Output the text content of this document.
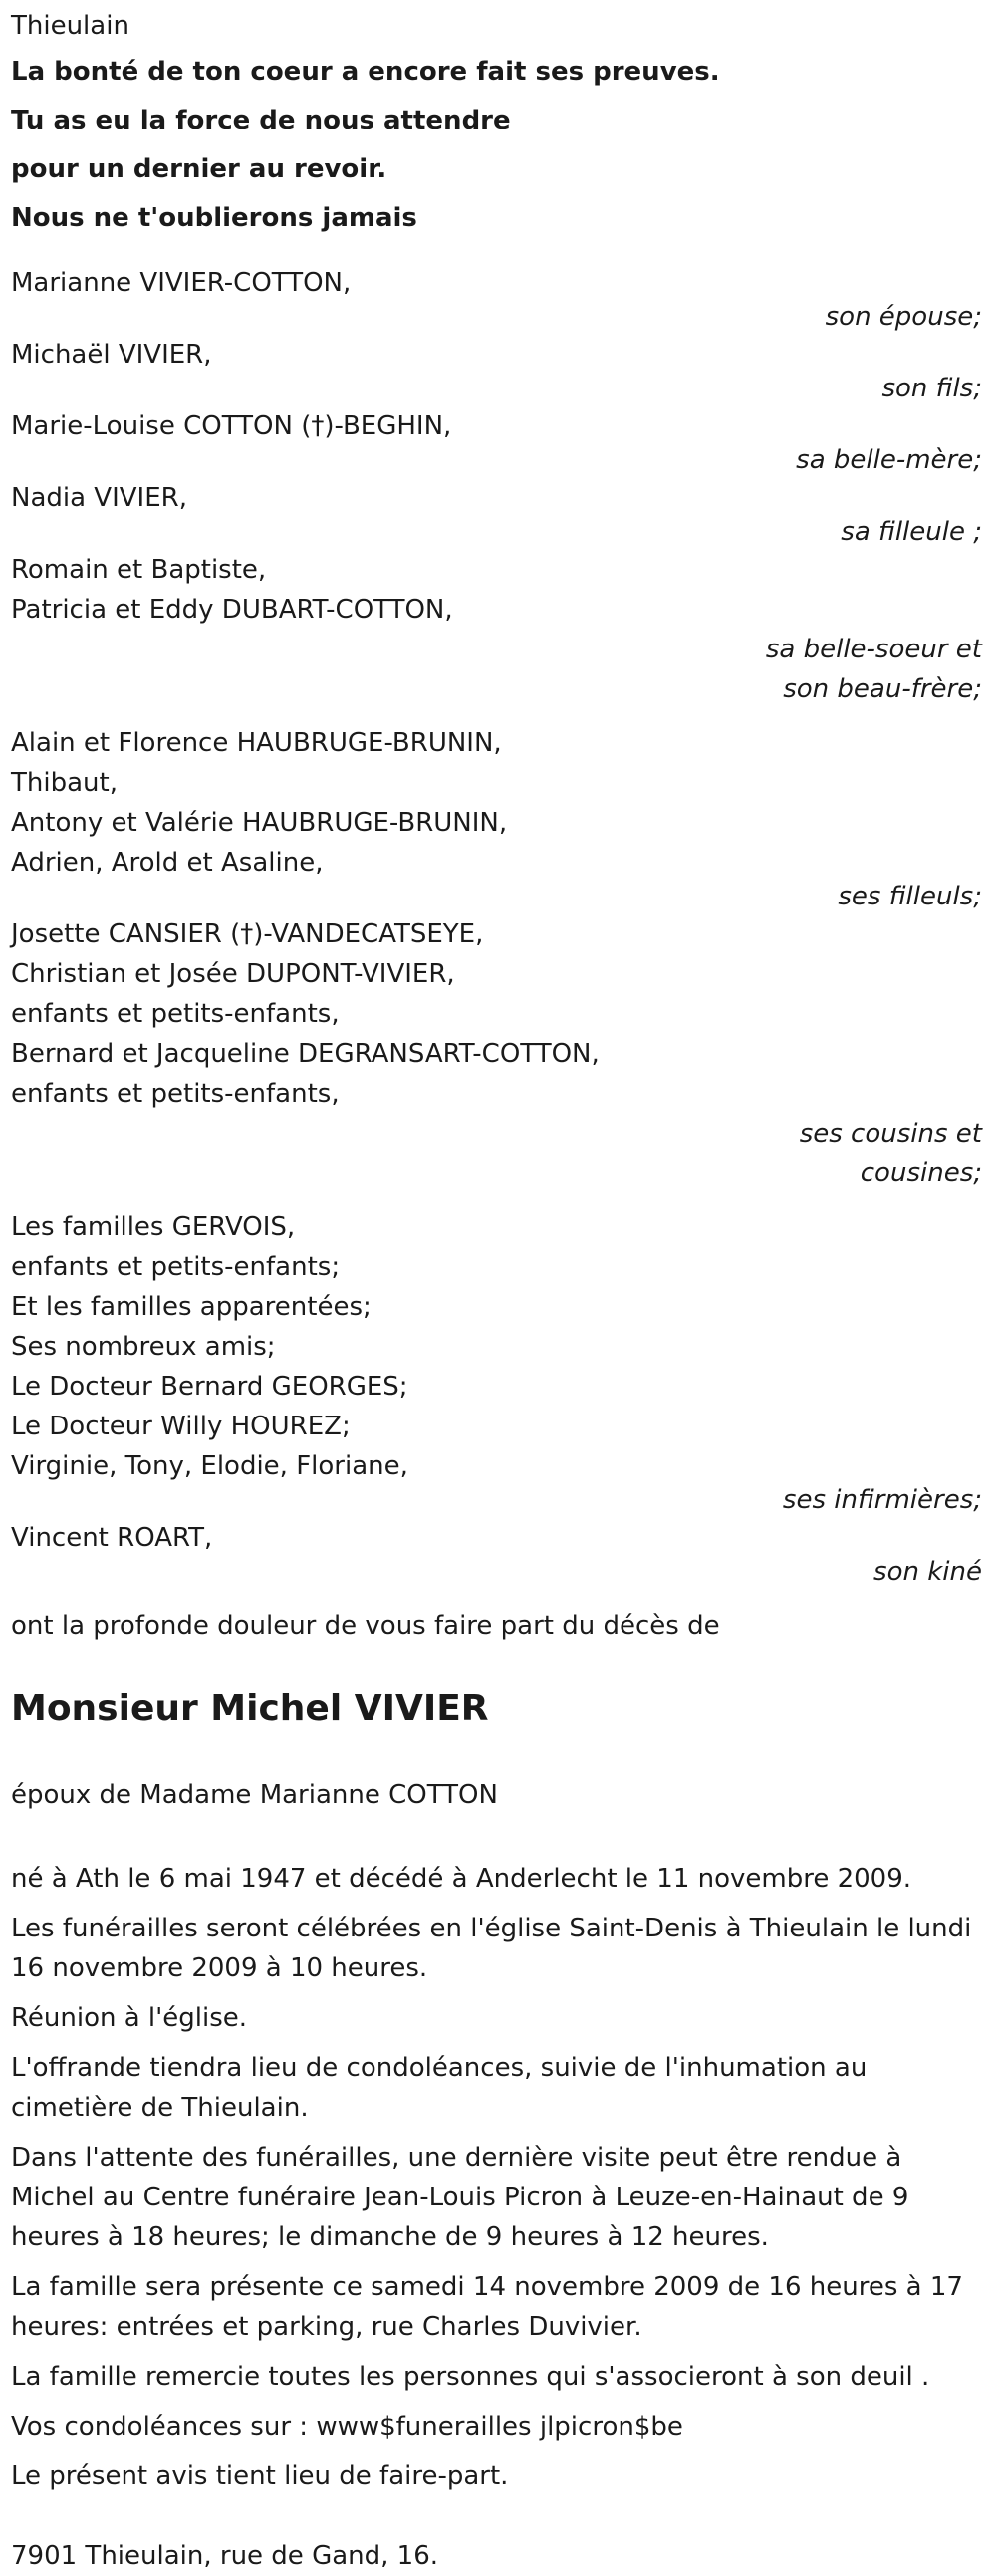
Thieulain
La bonté de ton coeur a encore fait ses preuves.
Tu as eu la force de nous attendre
pour un dernier au revoir.
Nous ne t'oublierons jamais
Marianne VIVIER-COTTON,
son épouse;
Michaël VIVIER,
son fils;
Marie-Louise COTTON (†)-BEGHIN,
sa belle-mère;
Nadia VIVIER,
sa filleule ;
Romain et Baptiste,
Patricia et Eddy DUBART-COTTON,
sa belle-soeur et
son beau-frère;
Alain et Florence HAUBRUGE-BRUNIN,
Thibaut,
Antony et Valérie HAUBRUGE-BRUNIN,
Adrien, Arold et Asaline,
ses filleuls;
Josette CANSIER (†)-VANDECATSEYE,
Christian et Josée DUPONT-VIVIER,
enfants et petits-enfants,
Bernard et Jacqueline DEGRANSART-COTTON,
enfants et petits-enfants,
ses cousins et
cousines;
Les familles GERVOIS,
enfants et petits-enfants;
Et les familles apparentées;
Ses nombreux amis;
Le Docteur Bernard GEORGES;
Le Docteur Willy HOUREZ;
Virginie, Tony, Elodie, Floriane,
ses infirmières;
Vincent ROART,
son kiné
ont la profonde douleur de vous faire part du décès de
Monsieur Michel VIVIER
époux de Madame Marianne COTTON
né à Ath le 6 mai 1947 et décédé à Anderlecht le 11 novembre 2009.
Les funérailles seront célébrées en l'église Saint-Denis à Thieulain le lundi 16 novembre 2009 à 10 heures.
Réunion à l'église.
L'offrande tiendra lieu de condoléances, suivie de l'inhumation au cimetière de Thieulain.
Dans l'attente des funérailles, une dernière visite peut être rendue à Michel au Centre funéraire Jean-Louis Picron à Leuze-en-Hainaut de 9 heures à 18 heures; le dimanche de 9 heures à 12 heures.
La famille sera présente ce samedi 14 novembre 2009 de 16 heures à 17 heures: entrées et parking, rue Charles Duvivier.
La famille remercie toutes les personnes qui s'associeront à son deuil .
Vos condoléances sur : www$funerailles jlpicron$be
Le présent avis tient lieu de faire-part.
7901 Thieulain, rue de Gand, 16.
